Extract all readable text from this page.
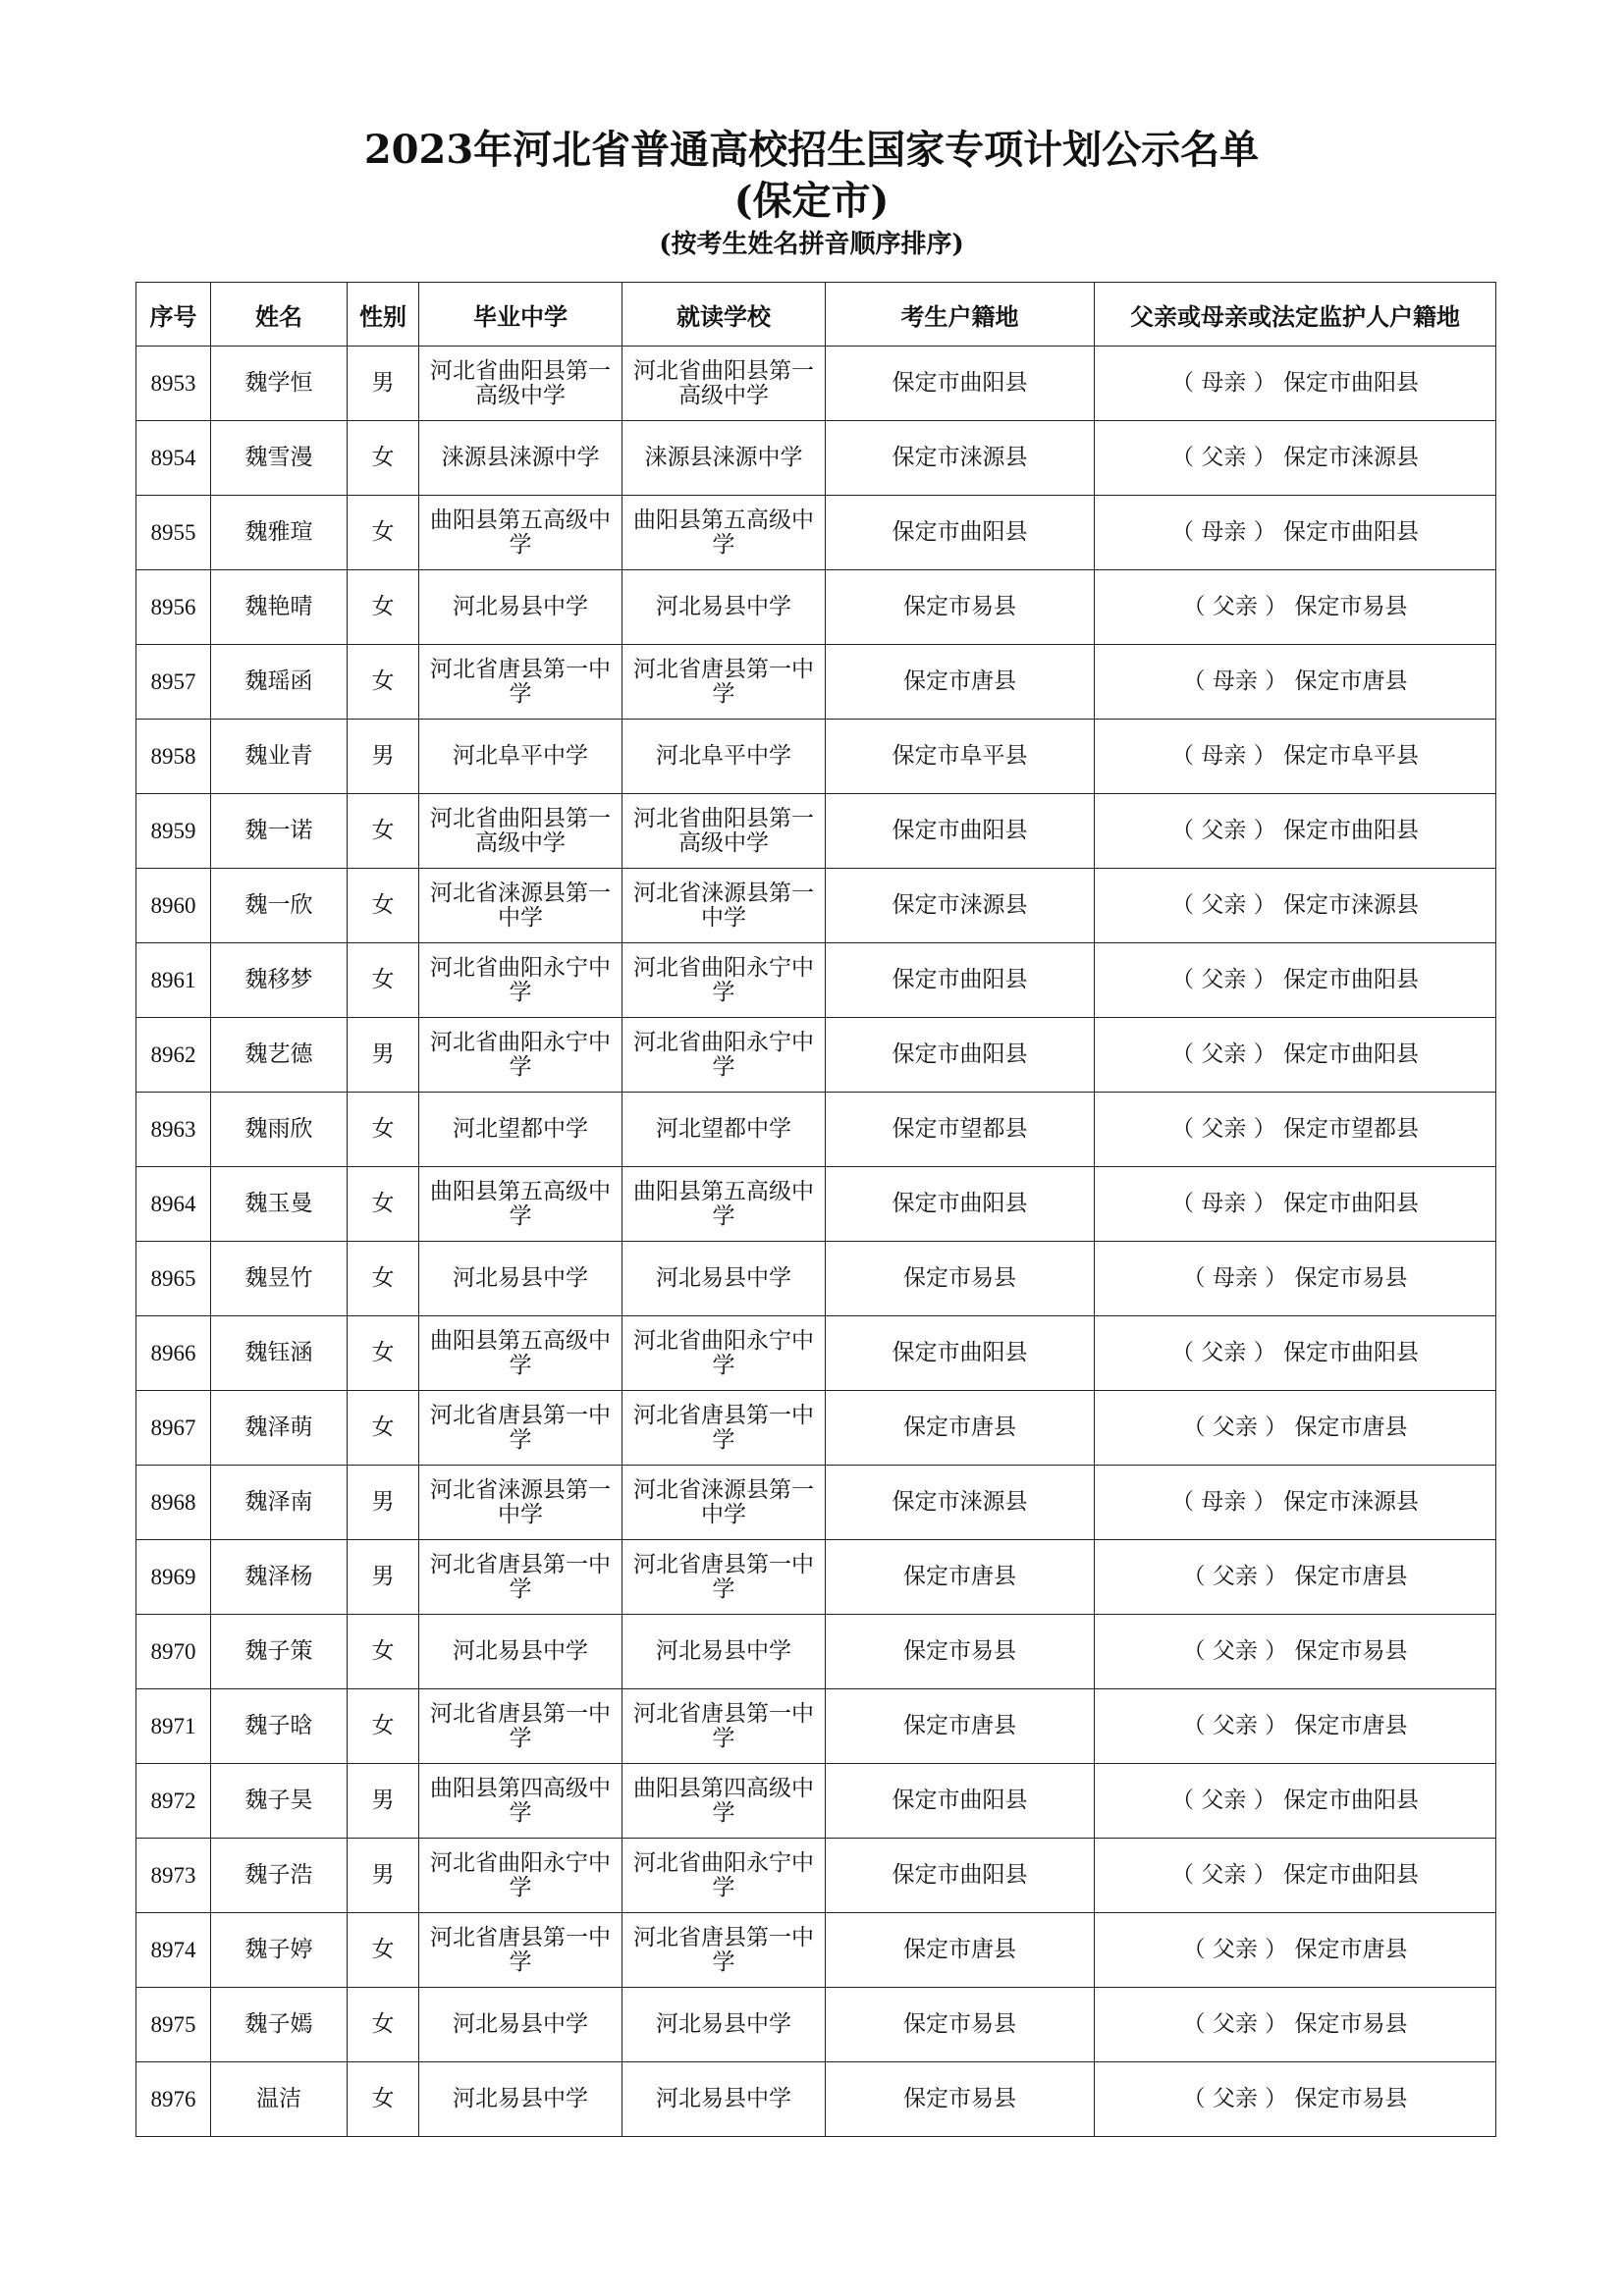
2023年河北省普通高校招生国家专项计划公示名单
(保定市)
(按考生姓名拼音顺序排序)
序号	姓名	性别	毕业中学	就读学校	考生户籍地	父亲或母亲或法定监护人户籍地
8953	魏学恒	男	河北省曲阳县第一高级中学	河北省曲阳县第一高级中学	保定市曲阳县	（ 母亲 ） 保定市曲阳县
8954	魏雪漫	女	涞源县涞源中学	涞源县涞源中学	保定市涞源县	（ 父亲 ） 保定市涞源县
8955	魏雅瑄	女	曲阳县第五高级中学	曲阳县第五高级中学	保定市曲阳县	（ 母亲 ） 保定市曲阳县
8956	魏艳晴	女	河北易县中学	河北易县中学	保定市易县	（ 父亲 ） 保定市易县
8957	魏瑶函	女	河北省唐县第一中学	河北省唐县第一中学	保定市唐县	（ 母亲 ） 保定市唐县
8958	魏业青	男	河北阜平中学	河北阜平中学	保定市阜平县	（ 母亲 ） 保定市阜平县
8959	魏一诺	女	河北省曲阳县第一高级中学	河北省曲阳县第一高级中学	保定市曲阳县	（ 父亲 ） 保定市曲阳县
8960	魏一欣	女	河北省涞源县第一中学	河北省涞源县第一中学	保定市涞源县	（ 父亲 ） 保定市涞源县
8961	魏移梦	女	河北省曲阳永宁中学	河北省曲阳永宁中学	保定市曲阳县	（ 父亲 ） 保定市曲阳县
8962	魏艺德	男	河北省曲阳永宁中学	河北省曲阳永宁中学	保定市曲阳县	（ 父亲 ） 保定市曲阳县
8963	魏雨欣	女	河北望都中学	河北望都中学	保定市望都县	（ 父亲 ） 保定市望都县
8964	魏玉曼	女	曲阳县第五高级中学	曲阳县第五高级中学	保定市曲阳县	（ 母亲 ） 保定市曲阳县
8965	魏昱竹	女	河北易县中学	河北易县中学	保定市易县	（ 母亲 ） 保定市易县
8966	魏钰涵	女	曲阳县第五高级中学	河北省曲阳永宁中学	保定市曲阳县	（ 父亲 ） 保定市曲阳县
8967	魏泽萌	女	河北省唐县第一中学	河北省唐县第一中学	保定市唐县	（ 父亲 ） 保定市唐县
8968	魏泽南	男	河北省涞源县第一中学	河北省涞源县第一中学	保定市涞源县	（ 母亲 ） 保定市涞源县
8969	魏泽杨	男	河北省唐县第一中学	河北省唐县第一中学	保定市唐县	（ 父亲 ） 保定市唐县
8970	魏子策	女	河北易县中学	河北易县中学	保定市易县	（ 父亲 ） 保定市易县
8971	魏子晗	女	河北省唐县第一中学	河北省唐县第一中学	保定市唐县	（ 父亲 ） 保定市唐县
8972	魏子昊	男	曲阳县第四高级中学	曲阳县第四高级中学	保定市曲阳县	（ 父亲 ） 保定市曲阳县
8973	魏子浩	男	河北省曲阳永宁中学	河北省曲阳永宁中学	保定市曲阳县	（ 父亲 ） 保定市曲阳县
8974	魏子婷	女	河北省唐县第一中学	河北省唐县第一中学	保定市唐县	（ 父亲 ） 保定市唐县
8975	魏子嫣	女	河北易县中学	河北易县中学	保定市易县	（ 父亲 ） 保定市易县
8976	温洁	女	河北易县中学	河北易县中学	保定市易县	（ 父亲 ） 保定市易县
